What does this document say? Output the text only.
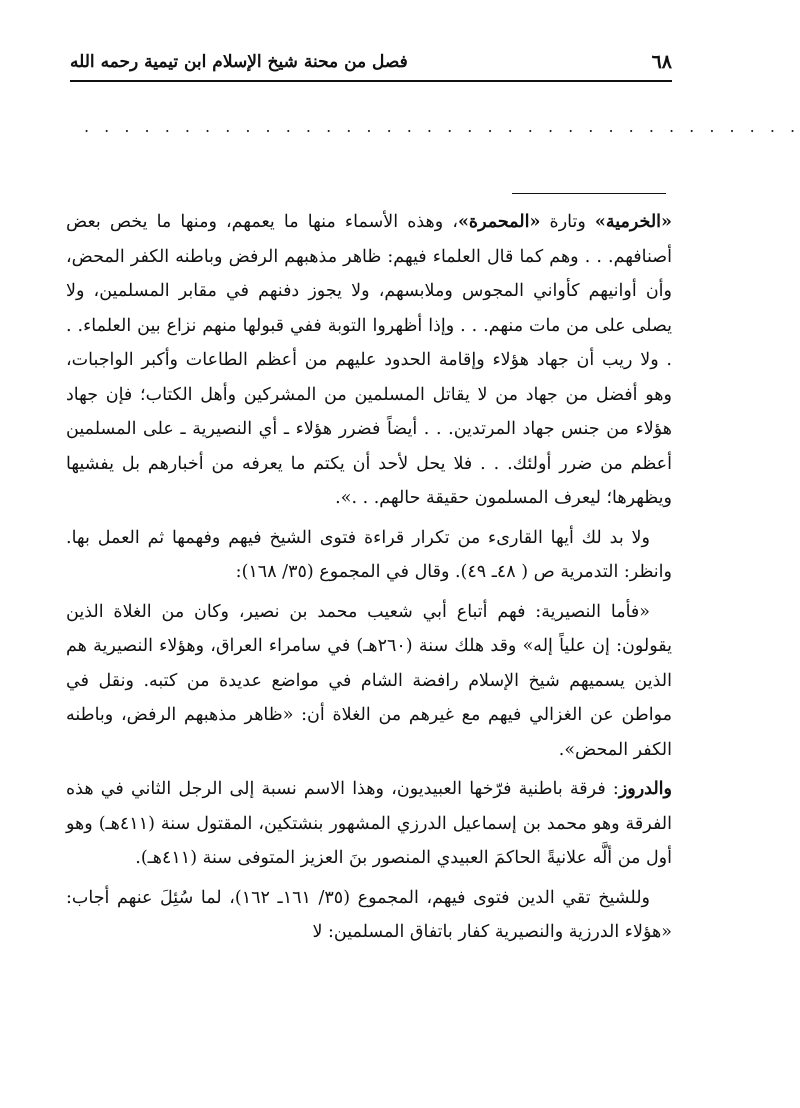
٦٨
فصل من محنة شيخ الإسلام ابن تيمية رحمه الله
. . . . . . . . . . . . . . . . . . . . . . . . . . . . . . . . . . . .

«الخرمية» وتارة «المحمرة»، وهذه الأسماء منها ما يعمهم، ومنها ما يخص بعض أصنافهم. . . وهم كما قال العلماء فيهم: ظاهر مذهبهم الرفض وباطنه الكفر المحض، وأن أوانيهم كأواني المجوس وملابسهم، ولا يجوز دفنهم في مقابر المسلمين، ولا يصلى على من مات منهم. . . وإذا أظهروا التوبة ففي قبولها منهم نزاع بين العلماء. . . ولا ريب أن جهاد هؤلاء وإقامة الحدود عليهم من أعظم الطاعات وأكبر الواجبات، وهو أفضل من جهاد من لا يقاتل المسلمين من المشركين وأهل الكتاب؛ فإن جهاد هؤلاء من جنس جهاد المرتدين. . . أيضاً فضرر هؤلاء ـ أي النصيرية ـ على المسلمين أعظم من ضرر أولئك. . . فلا يحل لأحد أن يكتم ما يعرفه من أخبارهم بل يفشيها ويظهرها؛ ليعرف المسلمون حقيقة حالهم. . .».

ولا بد لك أيها القارىء من تكرار قراءة فتوى الشيخ فيهم وفهمها ثم العمل بها. وانظر: التدمرية ص ( ٤٨ـ ٤٩). وقال في المجموع (٣٥/ ١٦٨):

«فأما النصيرية: فهم أتباع أبي شعيب محمد بن نصير، وكان من الغلاة الذين يقولون: إن علياً إله» وقد هلك سنة (٢٦٠هـ) في سامراء العراق، وهؤلاء النصيرية هم الذين يسميهم شيخ الإسلام رافضة الشام في مواضع عديدة من كتبه. ونقل في مواطن عن الغزالي فيهم مع غيرهم من الغلاة أن: «ظاهر مذهبهم الرفض، وباطنه الكفر المحض».

والدروز: فرقة باطنية فرّخها العبيديون، وهذا الاسم نسبة إلى الرجل الثاني في هذه الفرقة وهو محمد بن إسماعيل الدرزي المشهور بنشتكين، المقتول سنة (٤١١هـ) وهو أول من ألَّه علانيةً الحاكمَ العبيدي المنصور بنَ العزيز المتوفى سنة (٤١١هـ).

وللشيخ تقي الدين فتوى فيهم، المجموع (٣٥/ ١٦١ـ ١٦٢)، لما سُئِلَ عنهم أجاب: «هؤلاء الدرزية والنصيرية كفار باتفاق المسلمين: لا
